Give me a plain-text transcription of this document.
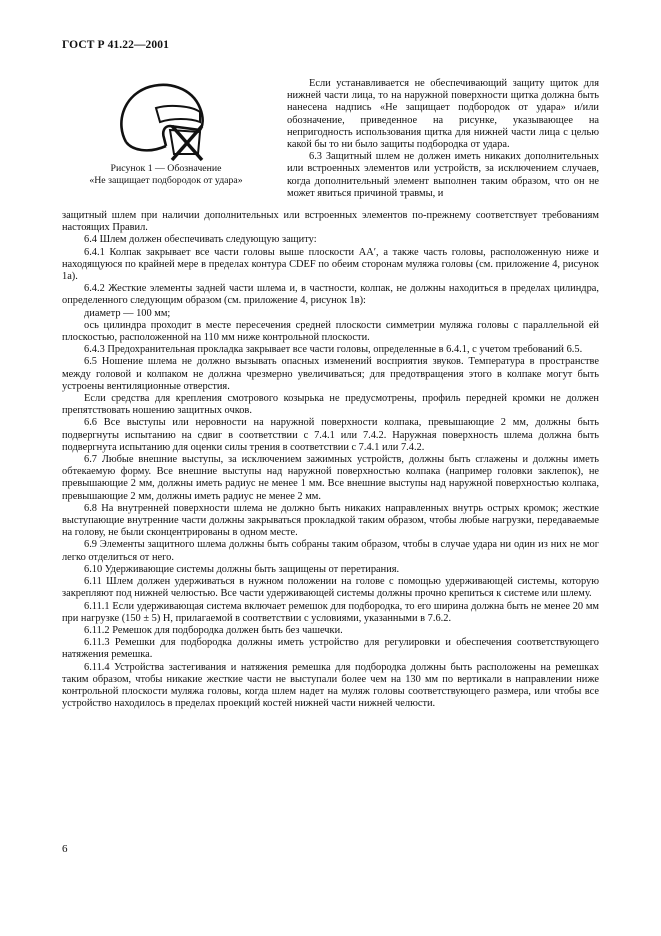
ГОСТ Р 41.22—2001
Рисунок 1 — Обозначение
«Не защищает подбородок от удара»

Если устанавливается не обеспечивающий защиту щиток для нижней части лица, то на наружной поверхности щитка должна быть нанесена надпись «Не защищает подбородок от удара» и/или обозначение, приведенное на рисунке, указывающее на непригодность использования щитка для нижней части лица с целью какой бы то ни было защиты подбородка от удара.

6.3 Защитный шлем не должен иметь никаких дополнительных или встроенных элементов или устройств, за исключением случаев, когда дополнительный элемент выполнен таким образом, что он не может явиться причиной травмы, и

защитный шлем при наличии дополнительных или встроенных элементов по-прежнему соответствует требованиям настоящих Правил.

6.4 Шлем должен обеспечивать следующую защиту:

6.4.1 Колпак закрывает все части головы выше плоскости АА′, а также часть головы, расположенную ниже и находящуюся по крайней мере в пределах контура CDEF по обеим сторонам муляжа головы (см. приложение 4, рисунок 1а).

6.4.2 Жесткие элементы задней части шлема и, в частности, колпак, не должны находиться в пределах цилиндра, определенного следующим образом (см. приложение 4, рисунок 1в):

диаметр — 100 мм;

ось цилиндра проходит в месте пересечения средней плоскости симметрии муляжа головы с параллельной ей плоскостью, расположенной на 110 мм ниже контрольной плоскости.

6.4.3 Предохранительная прокладка закрывает все части головы, определенные в 6.4.1, с учетом требований 6.5.

6.5 Ношение шлема не должно вызывать опасных изменений восприятия звуков. Температура в пространстве между головой и колпаком не должна чрезмерно увеличиваться; для предотвращения этого в колпаке могут быть устроены вентиляционные отверстия.

Если средства для крепления смотрового козырька не предусмотрены, профиль передней кромки не должен препятствовать ношению защитных очков.

6.6 Все выступы или неровности на наружной поверхности колпака, превышающие 2 мм, должны быть подвергнуты испытанию на сдвиг в соответствии с 7.4.1 или 7.4.2. Наружная поверхность шлема должна быть подвергнута испытанию для оценки силы трения в соответствии с 7.4.1 или 7.4.2.

6.7 Любые внешние выступы, за исключением зажимных устройств, должны быть сглажены и должны иметь обтекаемую форму. Все внешние выступы над наружной поверхностью колпака (например головки заклепок), не превышающие 2 мм, должны иметь радиус не менее 1 мм. Все внешние выступы над наружной поверхностью колпака, превышающие 2 мм, должны иметь радиус не менее 2 мм.

6.8 На внутренней поверхности шлема не должно быть никаких направленных внутрь острых кромок; жесткие выступающие внутренние части должны закрываться прокладкой таким образом, чтобы любые нагрузки, передаваемые на голову, не были сконцентрированы в одном месте.

6.9 Элементы защитного шлема должны быть собраны таким образом, чтобы в случае удара ни один из них не мог легко отделиться от него.

6.10 Удерживающие системы должны быть защищены от перетирания.

6.11 Шлем должен удерживаться в нужном положении на голове с помощью удерживающей системы, которую закрепляют под нижней челюстью. Все части удерживающей системы должны прочно крепиться к системе или шлему.

6.11.1 Если удерживающая система включает ремешок для подбородка, то его ширина должна быть не менее 20 мм при нагрузке (150 ± 5) Н, прилагаемой в соответствии с условиями, указанными в 7.6.2.

6.11.2 Ремешок для подбородка должен быть без чашечки.

6.11.3 Ремешки для подбородка должны иметь устройство для регулировки и обеспечения соответствующего натяжения ремешка.

6.11.4 Устройства застегивания и натяжения ремешка для подбородка должны быть расположены на ремешках таким образом, чтобы никакие жесткие части не выступали более чем на 130 мм по вертикали в направлении ниже контрольной плоскости муляжа головы, когда шлем надет на муляж головы соответствующего размера, или чтобы все устройство находилось в пределах проекций костей нижней части нижней челюсти.

6
